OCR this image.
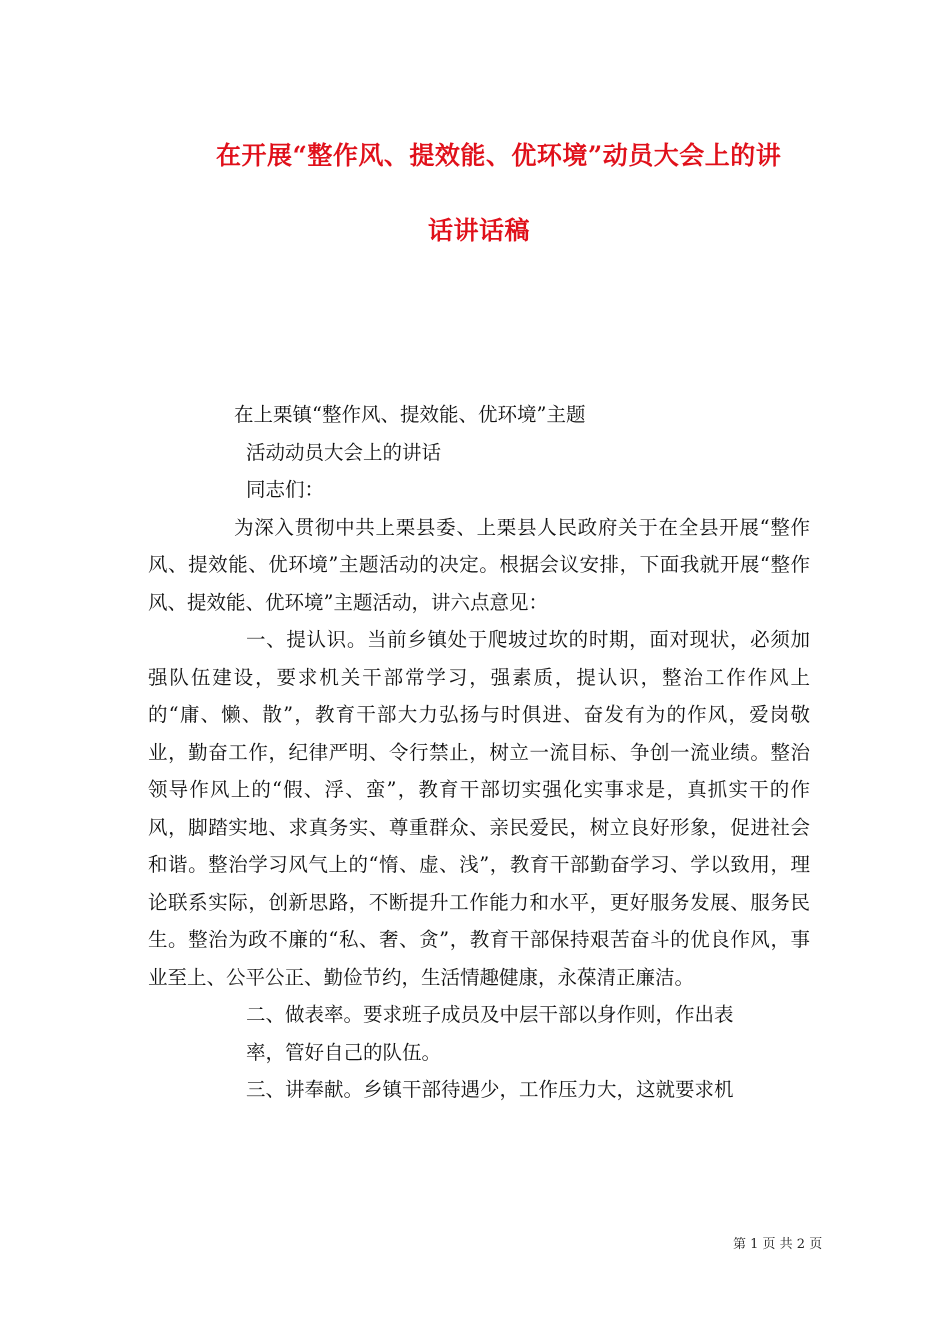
在开展“整作风、提效能、优环境”动员大会上的讲
话讲话稿

在上栗镇“整作风、提效能、优环境”主题

活动动员大会上的讲话

同志们：

为深入贯彻中共上栗县委、上栗县人民政府关于在全县开展“整作风、提效能、优环境”主题活动的决定。根据会议安排，下面我就开展“整作风、提效能、优环境”主题活动，讲六点意见：

一、提认识。当前乡镇处于爬坡过坎的时期，面对现状，必须加强队伍建设，要求机关干部常学习，强素质，提认识，整治工作作风上的“庸、懒、散”，教育干部大力弘扬与时俱进、奋发有为的作风，爱岗敬业，勤奋工作，纪律严明、令行禁止，树立一流目标、争创一流业绩。整治领导作风上的“假、浮、蛮”，教育干部切实强化实事求是，真抓实干的作风，脚踏实地、求真务实、尊重群众、亲民爱民，树立良好形象，促进社会和谐。整治学习风气上的“惰、虚、浅”，教育干部勤奋学习、学以致用，理论联系实际，创新思路，不断提升工作能力和水平，更好服务发展、服务民生。整治为政不廉的“私、奢、贪”，教育干部保持艰苦奋斗的优良作风，事业至上、公平公正、勤俭节约，生活情趣健康，永葆清正廉洁。

二、做表率。要求班子成员及中层干部以身作则，作出表

率，管好自己的队伍。

三、讲奉献。乡镇干部待遇少，工作压力大，这就要求机

第 1 页 共 2 页
